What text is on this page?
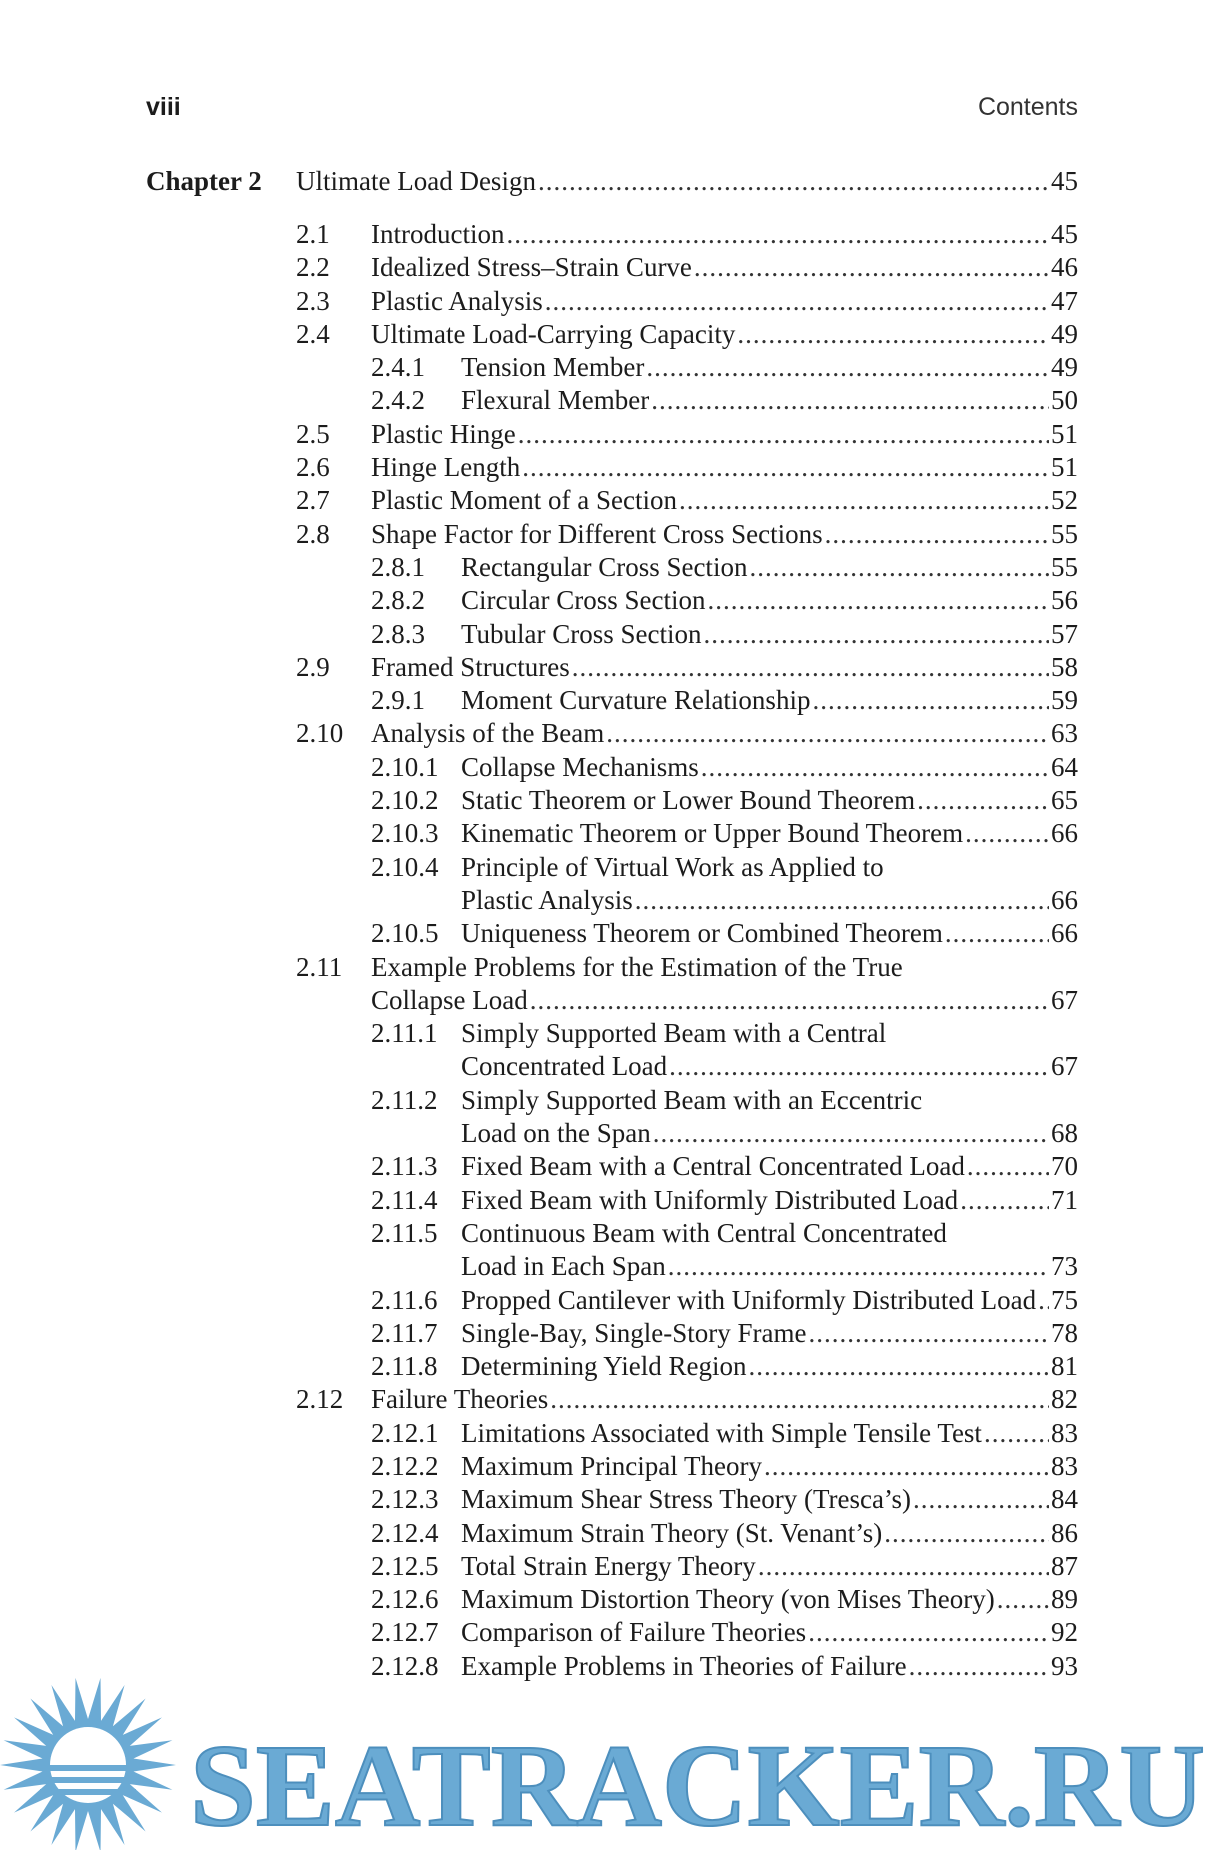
viii	Contents
Chapter 2 Ultimate Load Design .....	45
2.1 Introduction .....	45
2.2 Idealized Stress–Strain Curve .....	46
2.3 Plastic Analysis .....	47
2.4 Ultimate Load-Carrying Capacity .....	49
2.4.1 Tension Member .....	49
2.4.2 Flexural Member .....	50
2.5 Plastic Hinge .....	51
2.6 Hinge Length .....	51
2.7 Plastic Moment of a Section .....	52
2.8 Shape Factor for Different Cross Sections .....	55
2.8.1 Rectangular Cross Section .....	55
2.8.2 Circular Cross Section .....	56
2.8.3 Tubular Cross Section .....	57
2.9 Framed Structures .....	58
2.9.1 Moment Curvature Relationship .....	59
2.10 Analysis of the Beam .....	63
2.10.1 Collapse Mechanisms .....	64
2.10.2 Static Theorem or Lower Bound Theorem .....	65
2.10.3 Kinematic Theorem or Upper Bound Theorem .....	66
2.10.4 Principle of Virtual Work as Applied to
Plastic Analysis .....	66
2.10.5 Uniqueness Theorem or Combined Theorem .....	66
2.11 Example Problems for the Estimation of the True
Collapse Load .....	67
2.11.1 Simply Supported Beam with a Central
Concentrated Load .....	67
2.11.2 Simply Supported Beam with an Eccentric
Load on the Span .....	68
2.11.3 Fixed Beam with a Central Concentrated Load .....	70
2.11.4 Fixed Beam with Uniformly Distributed Load .....	71
2.11.5 Continuous Beam with Central Concentrated
Load in Each Span .....	73
2.11.6 Propped Cantilever with Uniformly Distributed Load ..... 75
2.11.7 Single-Bay, Single-Story Frame .....	78
2.11.8 Determining Yield Region .....	81
2.12 Failure Theories .....	82
2.12.1 Limitations Associated with Simple Tensile Test .....	83
2.12.2 Maximum Principal Theory .....	83
2.12.3 Maximum Shear Stress Theory (Tresca’s) .....	84
2.12.4 Maximum Strain Theory (St. Venant’s) .....	86
2.12.5 Total Strain Energy Theory .....	87
2.12.6 Maximum Distortion Theory (von Mises Theory) ..... 89
2.12.7 Comparison of Failure Theories .....	92
2.12.8 Example Problems in Theories of Failure .....	93
SEATRACKER.RU
